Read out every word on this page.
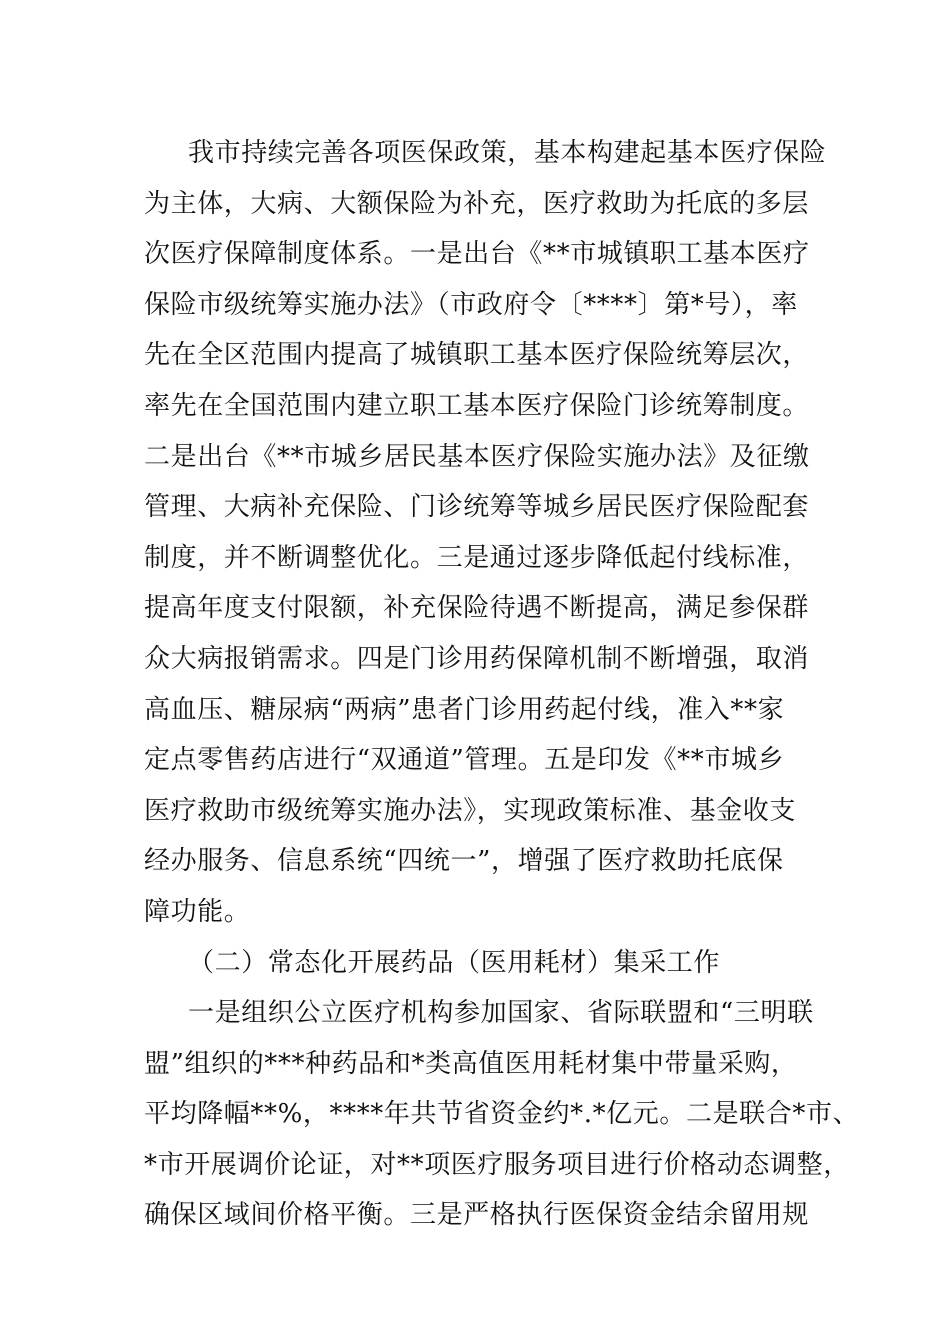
我市持续完善各项医保政策，基本构建起基本医疗保险
为主体，大病、大额保险为补充，医疗救助为托底的多层
次医疗保障制度体系。一是出台《**市城镇职工基本医疗
保险市级统筹实施办法》（市政府令〔****〕第*号），率
先在全区范围内提高了城镇职工基本医疗保险统筹层次，
率先在全国范围内建立职工基本医疗保险门诊统筹制度。
二是出台《**市城乡居民基本医疗保险实施办法》及征缴
管理、大病补充保险、门诊统筹等城乡居民医疗保险配套
制度，并不断调整优化。三是通过逐步降低起付线标准，
提高年度支付限额，补充保险待遇不断提高，满足参保群
众大病报销需求。四是门诊用药保障机制不断增强，取消
高血压、糖尿病“两病”患者门诊用药起付线，准入**家
定点零售药店进行“双通道”管理。五是印发《**市城乡
医疗救助市级统筹实施办法》，实现政策标准、基金收支
经办服务、信息系统“四统一”，增强了医疗救助托底保
障功能。
（二）常态化开展药品（医用耗材）集采工作
一是组织公立医疗机构参加国家、省际联盟和“三明联
盟”组织的***种药品和*类高值医用耗材集中带量采购，
平均降幅**%，****年共节省资金约*.*亿元。二是联合*市、
*市开展调价论证，对**项医疗服务项目进行价格动态调整，
确保区域间价格平衡。三是严格执行医保资金结余留用规
